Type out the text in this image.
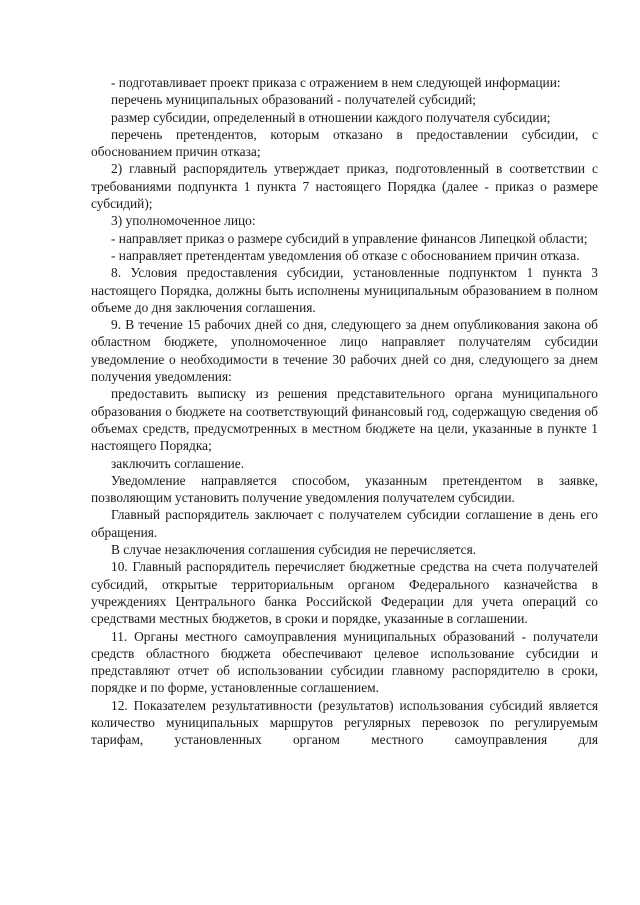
- подготавливает проект приказа с отражением в нем следующей информации:

перечень муниципальных образований - получателей субсидий;

размер субсидии, определенный в отношении каждого получателя субсидии;

перечень претендентов, которым отказано в предоставлении субсидии, с обоснованием причин отказа;

2) главный распорядитель утверждает приказ, подготовленный в соответствии с требованиями подпункта 1 пункта 7 настоящего Порядка (далее - приказ о размере субсидий);

3) уполномоченное лицо:

- направляет приказ о размере субсидий в управление финансов Липецкой области;

- направляет претендентам уведомления об отказе с обоснованием причин отказа.

8. Условия предоставления субсидии, установленные подпунктом 1 пункта 3 настоящего Порядка, должны быть исполнены муниципальным образованием в полном объеме до дня заключения соглашения.

9. В течение 15 рабочих дней со дня, следующего за днем опубликования закона об областном бюджете, уполномоченное лицо направляет получателям субсидии уведомление о необходимости в течение 30 рабочих дней со дня, следующего за днем получения уведомления:

предоставить выписку из решения представительного органа муниципального образования о бюджете на соответствующий финансовый год, содержащую сведения об объемах средств, предусмотренных в местном бюджете на цели, указанные в пункте 1 настоящего Порядка;

заключить соглашение.

Уведомление направляется способом, указанным претендентом в заявке, позволяющим установить получение уведомления получателем субсидии.

Главный распорядитель заключает с получателем субсидии соглашение в день его обращения.

В случае незаключения соглашения субсидия не перечисляется.

10. Главный распорядитель перечисляет бюджетные средства на счета получателей субсидий, открытые территориальным органом Федерального казначейства в учреждениях Центрального банка Российской Федерации для учета операций со средствами местных бюджетов, в сроки и порядке, указанные в соглашении.

11. Органы местного самоуправления муниципальных образований - получатели средств областного бюджета обеспечивают целевое использование субсидии и представляют отчет об использовании субсидии главному распорядителю в сроки, порядке и по форме, установленные соглашением.

12. Показателем результативности (результатов) использования субсидий является количество муниципальных маршрутов регулярных перевозок по регулируемым тарифам, установленных органом местного самоуправления для
